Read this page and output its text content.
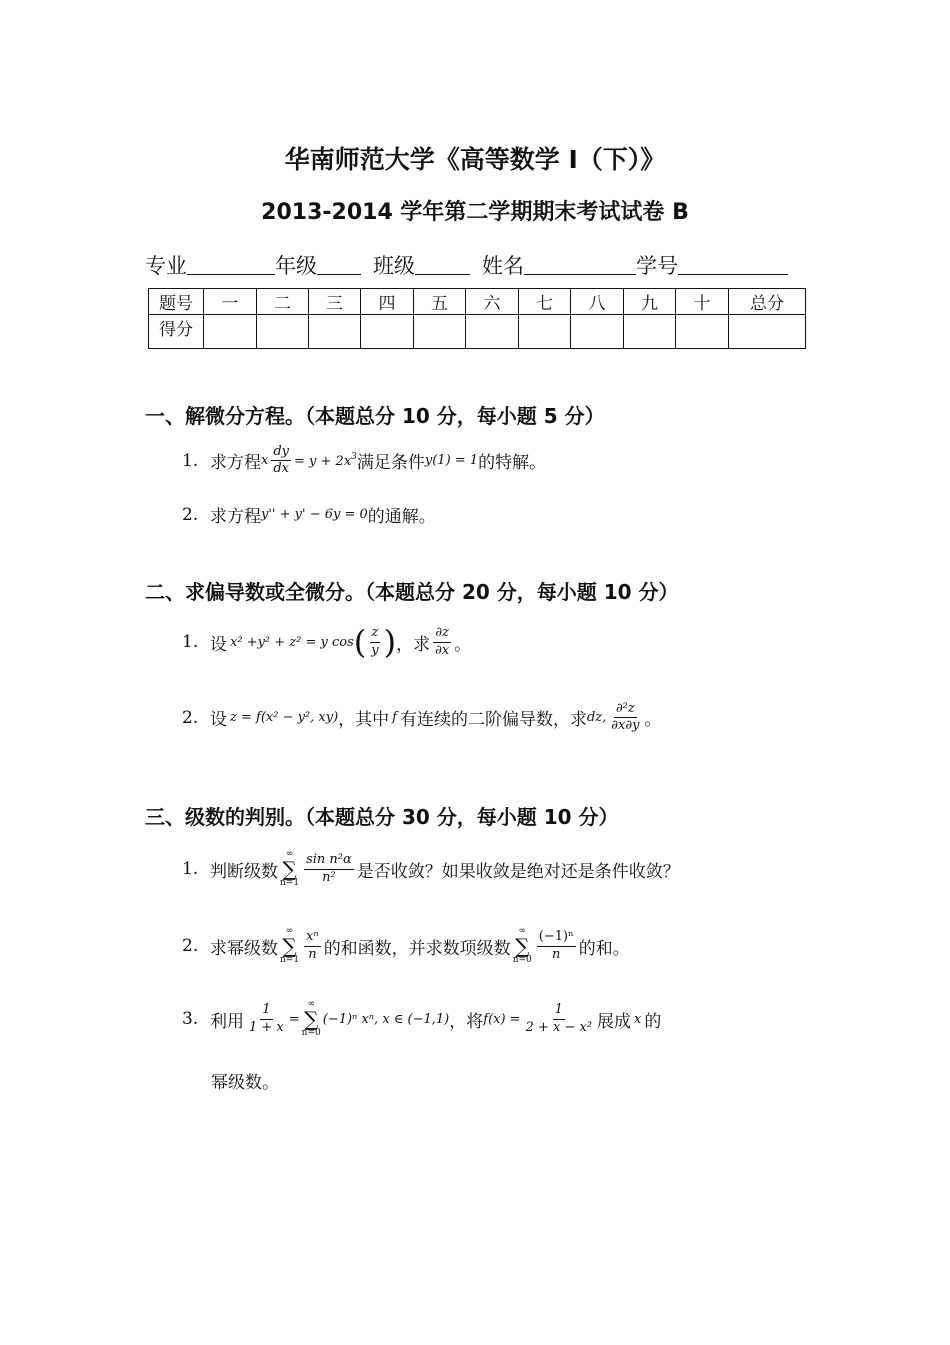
华南师范大学《高等数学 I（下）》
2013-2014 学年第二学期期末考试试卷 B
专业	年级	班级	姓名	学号
题号	一	二	三	四	五	六	七	八	九	十	总分
得分											
一、解微分方程。（本题总分 10 分，每小题 5 分）
1. 求方程 x $\frac{dy}{dx} = y + 2x^3$ 满足条件 y(1) = 1 的特解。
2. 求方程 y'' + y' − 6y = 0 的通解。
二、求偏导数或全微分。（本题总分 20 分，每小题 10 分）
1. 设 x² +y² + z² = y cos ( $\frac{z}{y}$ ) ，求 $\frac{\partial z}{\partial x}$ 。
2. 设 z = f(x² − y², xy) ，其中 f 有连续的二阶偏导数，求 dz, $\frac{\text{∂²z}}{\partial x\partial y}$ 。
三、级数的判别。（本题总分 30 分，每小题 10 分）
1. 判断级数
∞
∑
$n=1 \frac{\text{sin n²α}}{\text{n²}}$ 是否收敛？如果收敛是绝对还是条件收敛？
2. 求幂级数
∞
∑
$n=1 \frac{\text{xⁿ}}{n}$ 的和函数，并求数项级数
∞
∑
$n=0 \frac{\text{(−1)ⁿ}}{n}$ 的和。
3. 利用 $\frac{1}{1 + x}$ =
∞
∑
n=0
(−1)ⁿ xⁿ, x ∈ (−1,1) ，将 $f(x) = \frac{1}{\text{2 + x − x²}}$ 展成 x 的
幂级数。
